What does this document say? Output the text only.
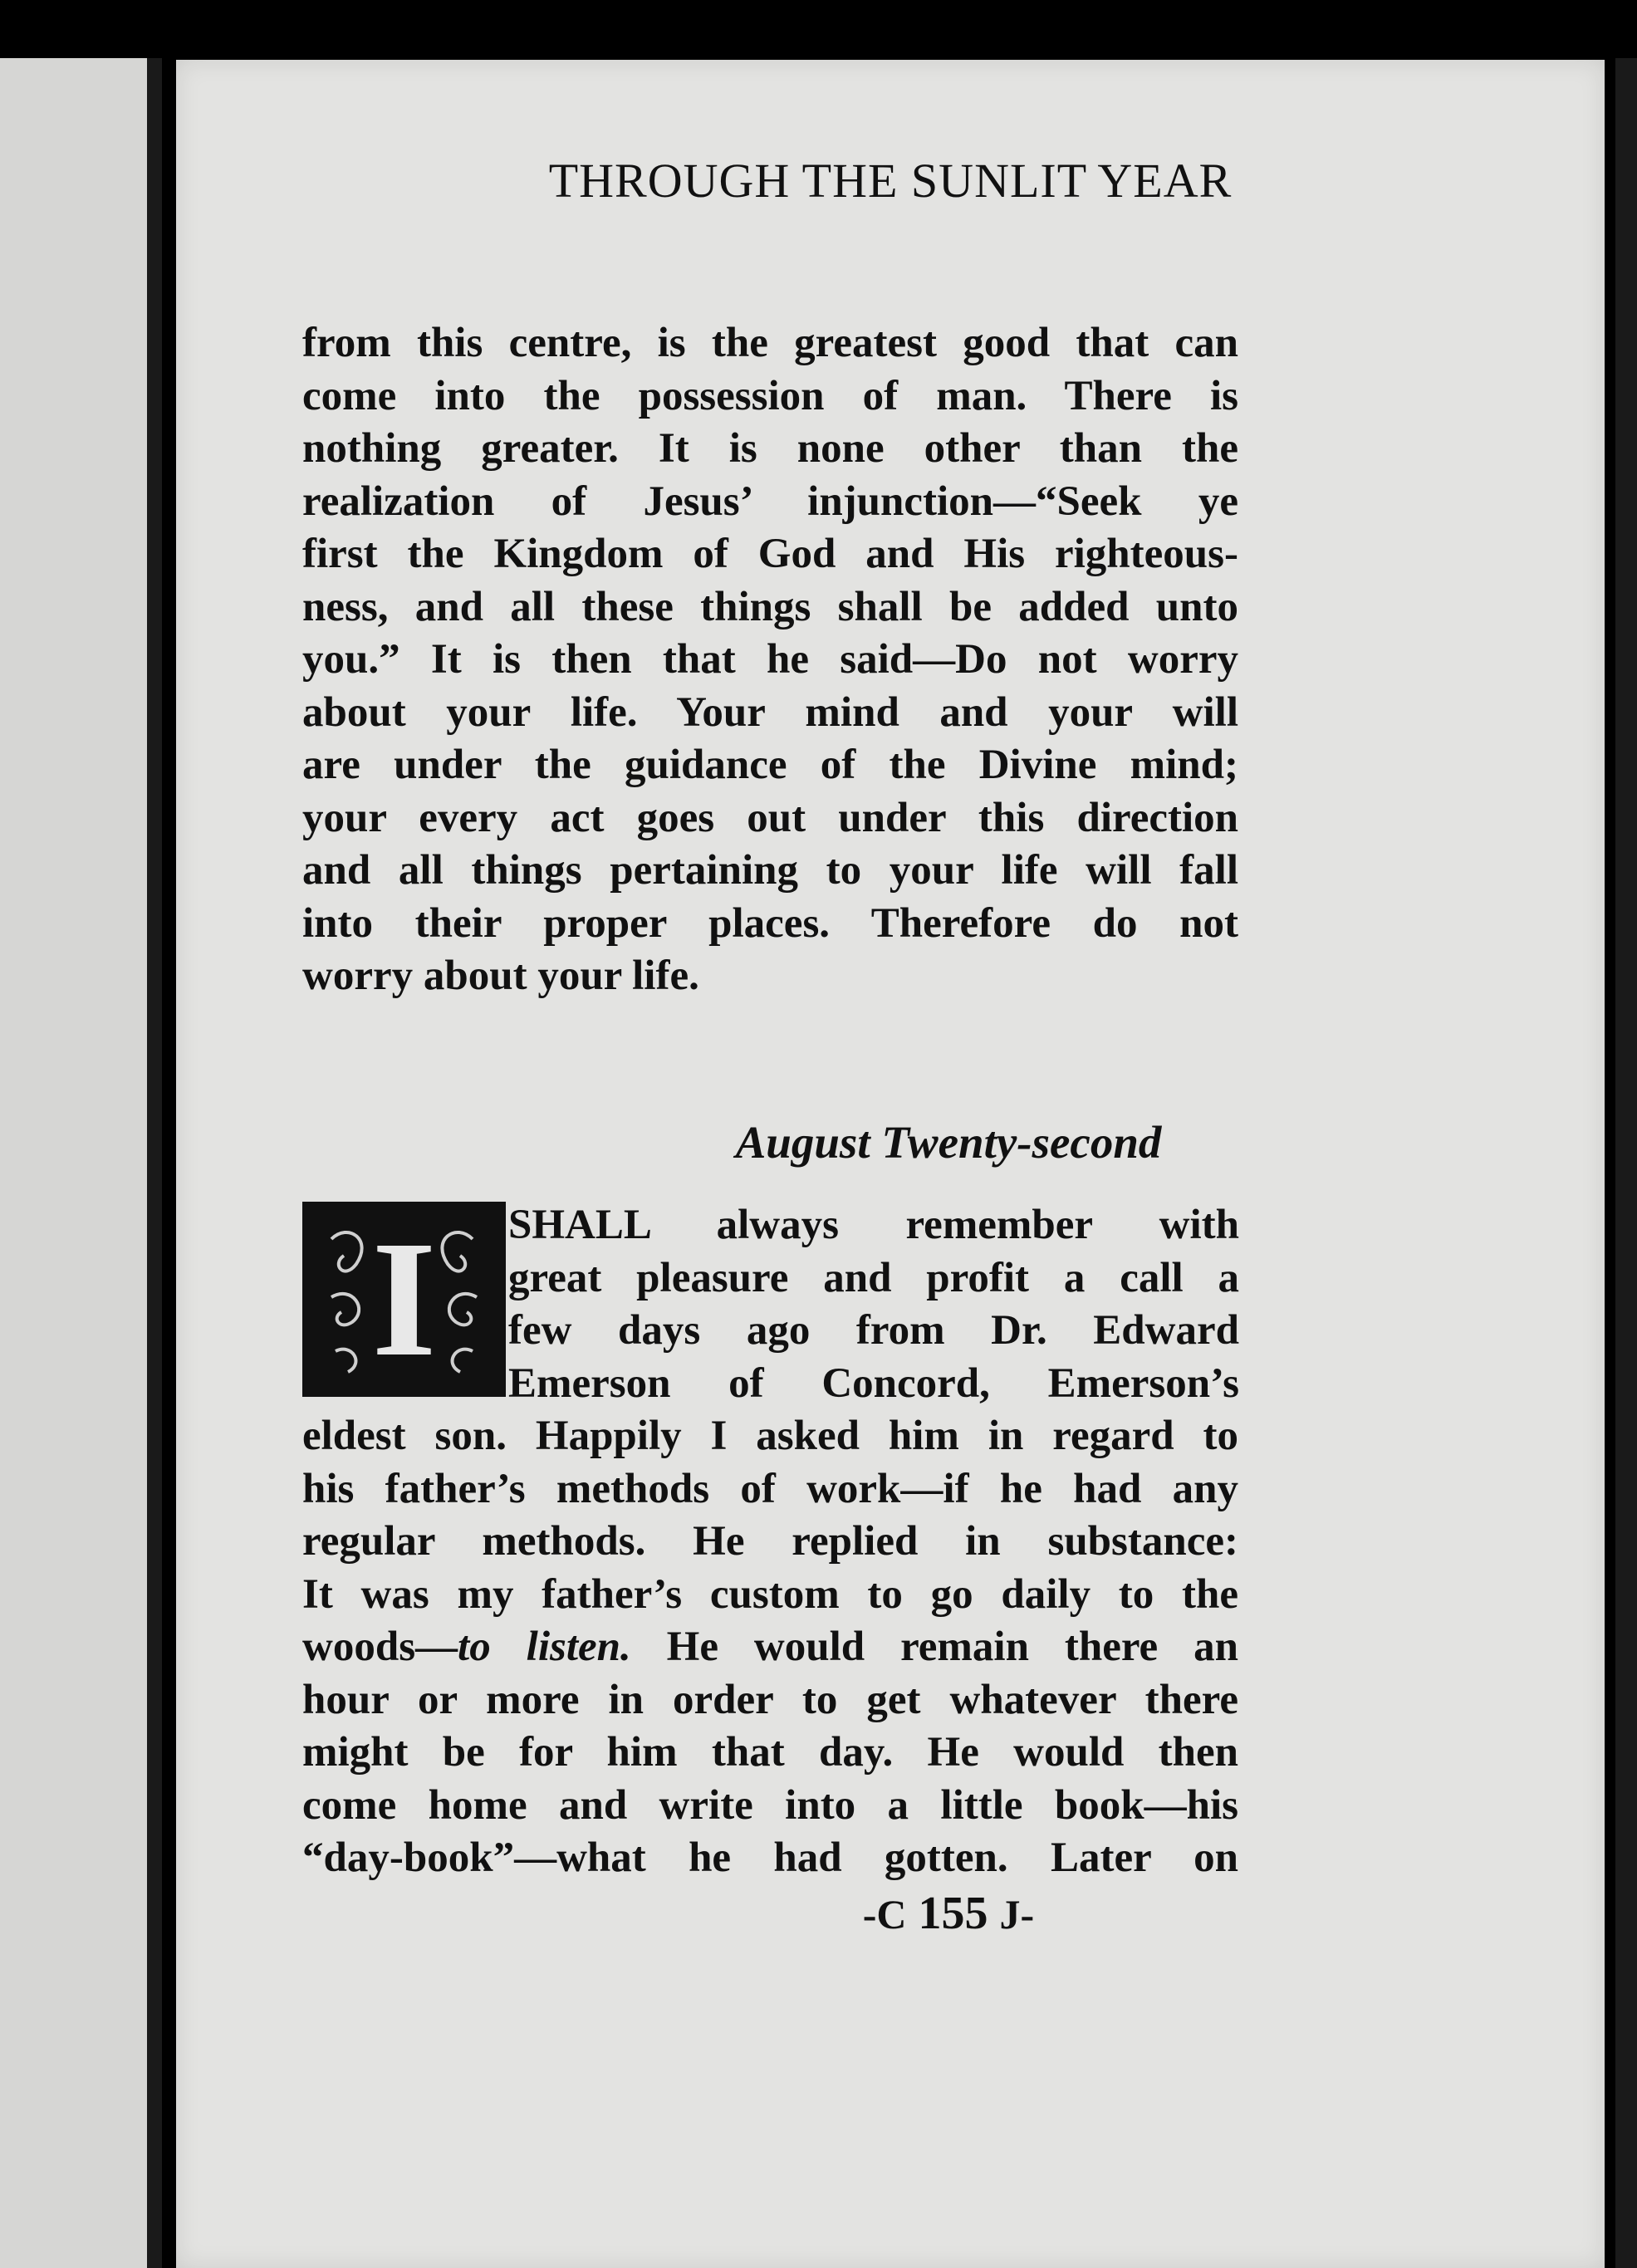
THROUGH THE SUNLIT YEAR
from this centre, is the greatest good that can
come into the possession of man. There is
nothing greater. It is none other than the
realization of Jesus’ injunction—“Seek ye
first the Kingdom of God and His righteous-
ness, and all these things shall be added unto
you.” It is then that he said—Do not worry
about your life. Your mind and your will
are under the guidance of the Divine mind;
your every act goes out under this direction
and all things pertaining to your life will fall
into their proper places. Therefore do not
worry about your life.
August Twenty-second
I	SHALL always remember with
great pleasure and profit a call a
few days ago from Dr. Edward
Emerson of Concord, Emerson’s
eldest son. Happily I asked him in regard to
his father’s methods of work—if he had any
regular methods. He replied in substance:
It was my father’s custom to go daily to the
woods—to listen. He would remain there an
hour or more in order to get whatever there
might be for him that day. He would then
come home and write into a little book—his
“day-book”—what he had gotten. Later on
-C 155 J-
